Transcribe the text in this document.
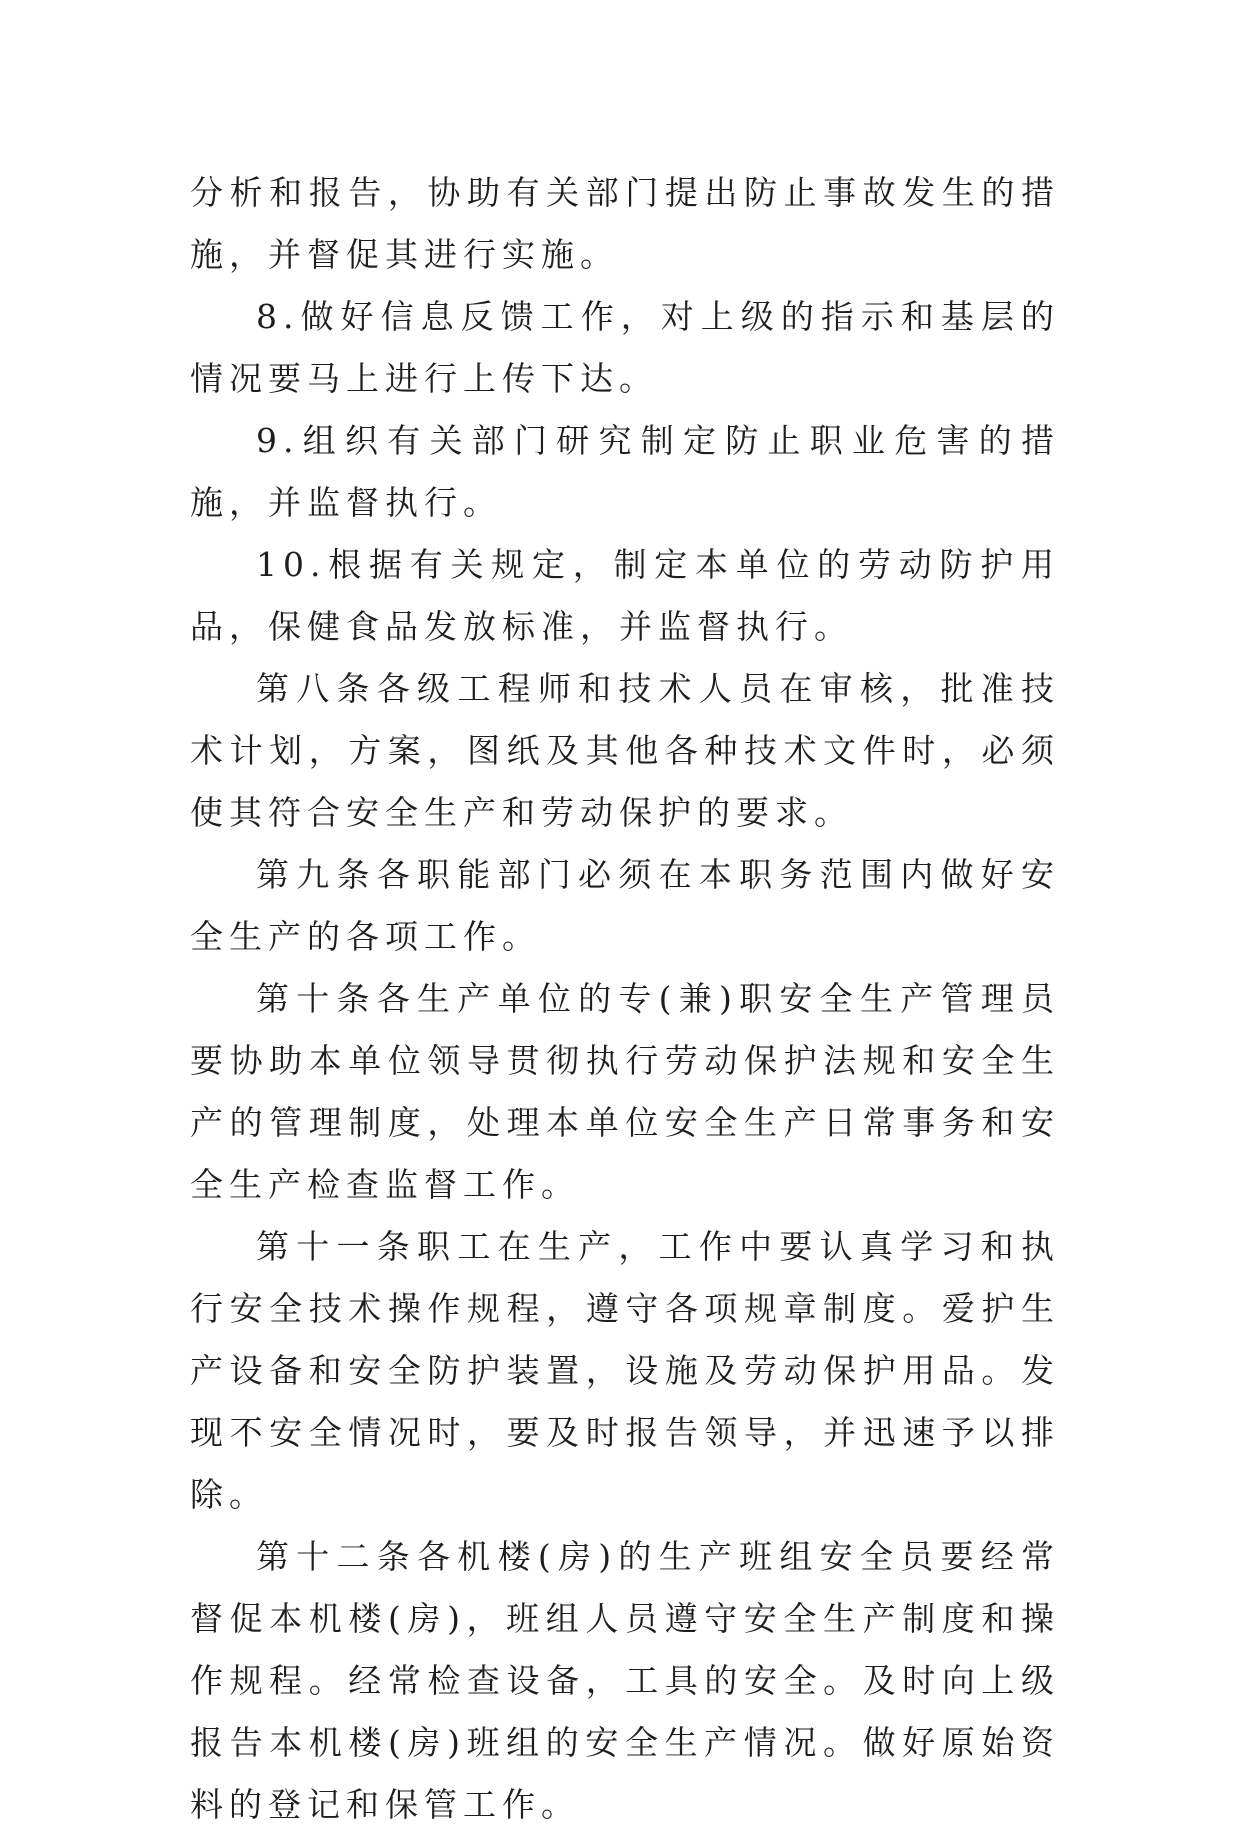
分析和报告，协助有关部门提出防止事故发生的措施，并督促其进行实施。

8.做好信息反馈工作，对上级的指示和基层的情况要马上进行上传下达。

9.组织有关部门研究制定防止职业危害的措施，并监督执行。

10.根据有关规定，制定本单位的劳动防护用品，保健食品发放标准，并监督执行。

第八条各级工程师和技术人员在审核，批准技术计划，方案，图纸及其他各种技术文件时，必须使其符合安全生产和劳动保护的要求。

第九条各职能部门必须在本职务范围内做好安全生产的各项工作。

第十条各生产单位的专(兼)职安全生产管理员要协助本单位领导贯彻执行劳动保护法规和安全生产的管理制度，处理本单位安全生产日常事务和安全生产检查监督工作。

第十一条职工在生产，工作中要认真学习和执行安全技术操作规程，遵守各项规章制度。爱护生产设备和安全防护装置，设施及劳动保护用品。发现不安全情况时，要及时报告领导，并迅速予以排除。

第十二条各机楼(房)的生产班组安全员要经常督促本机楼(房)，班组人员遵守安全生产制度和操作规程。经常检查设备，工具的安全。及时向上级报告本机楼(房)班组的安全生产情况。做好原始资料的登记和保管工作。
